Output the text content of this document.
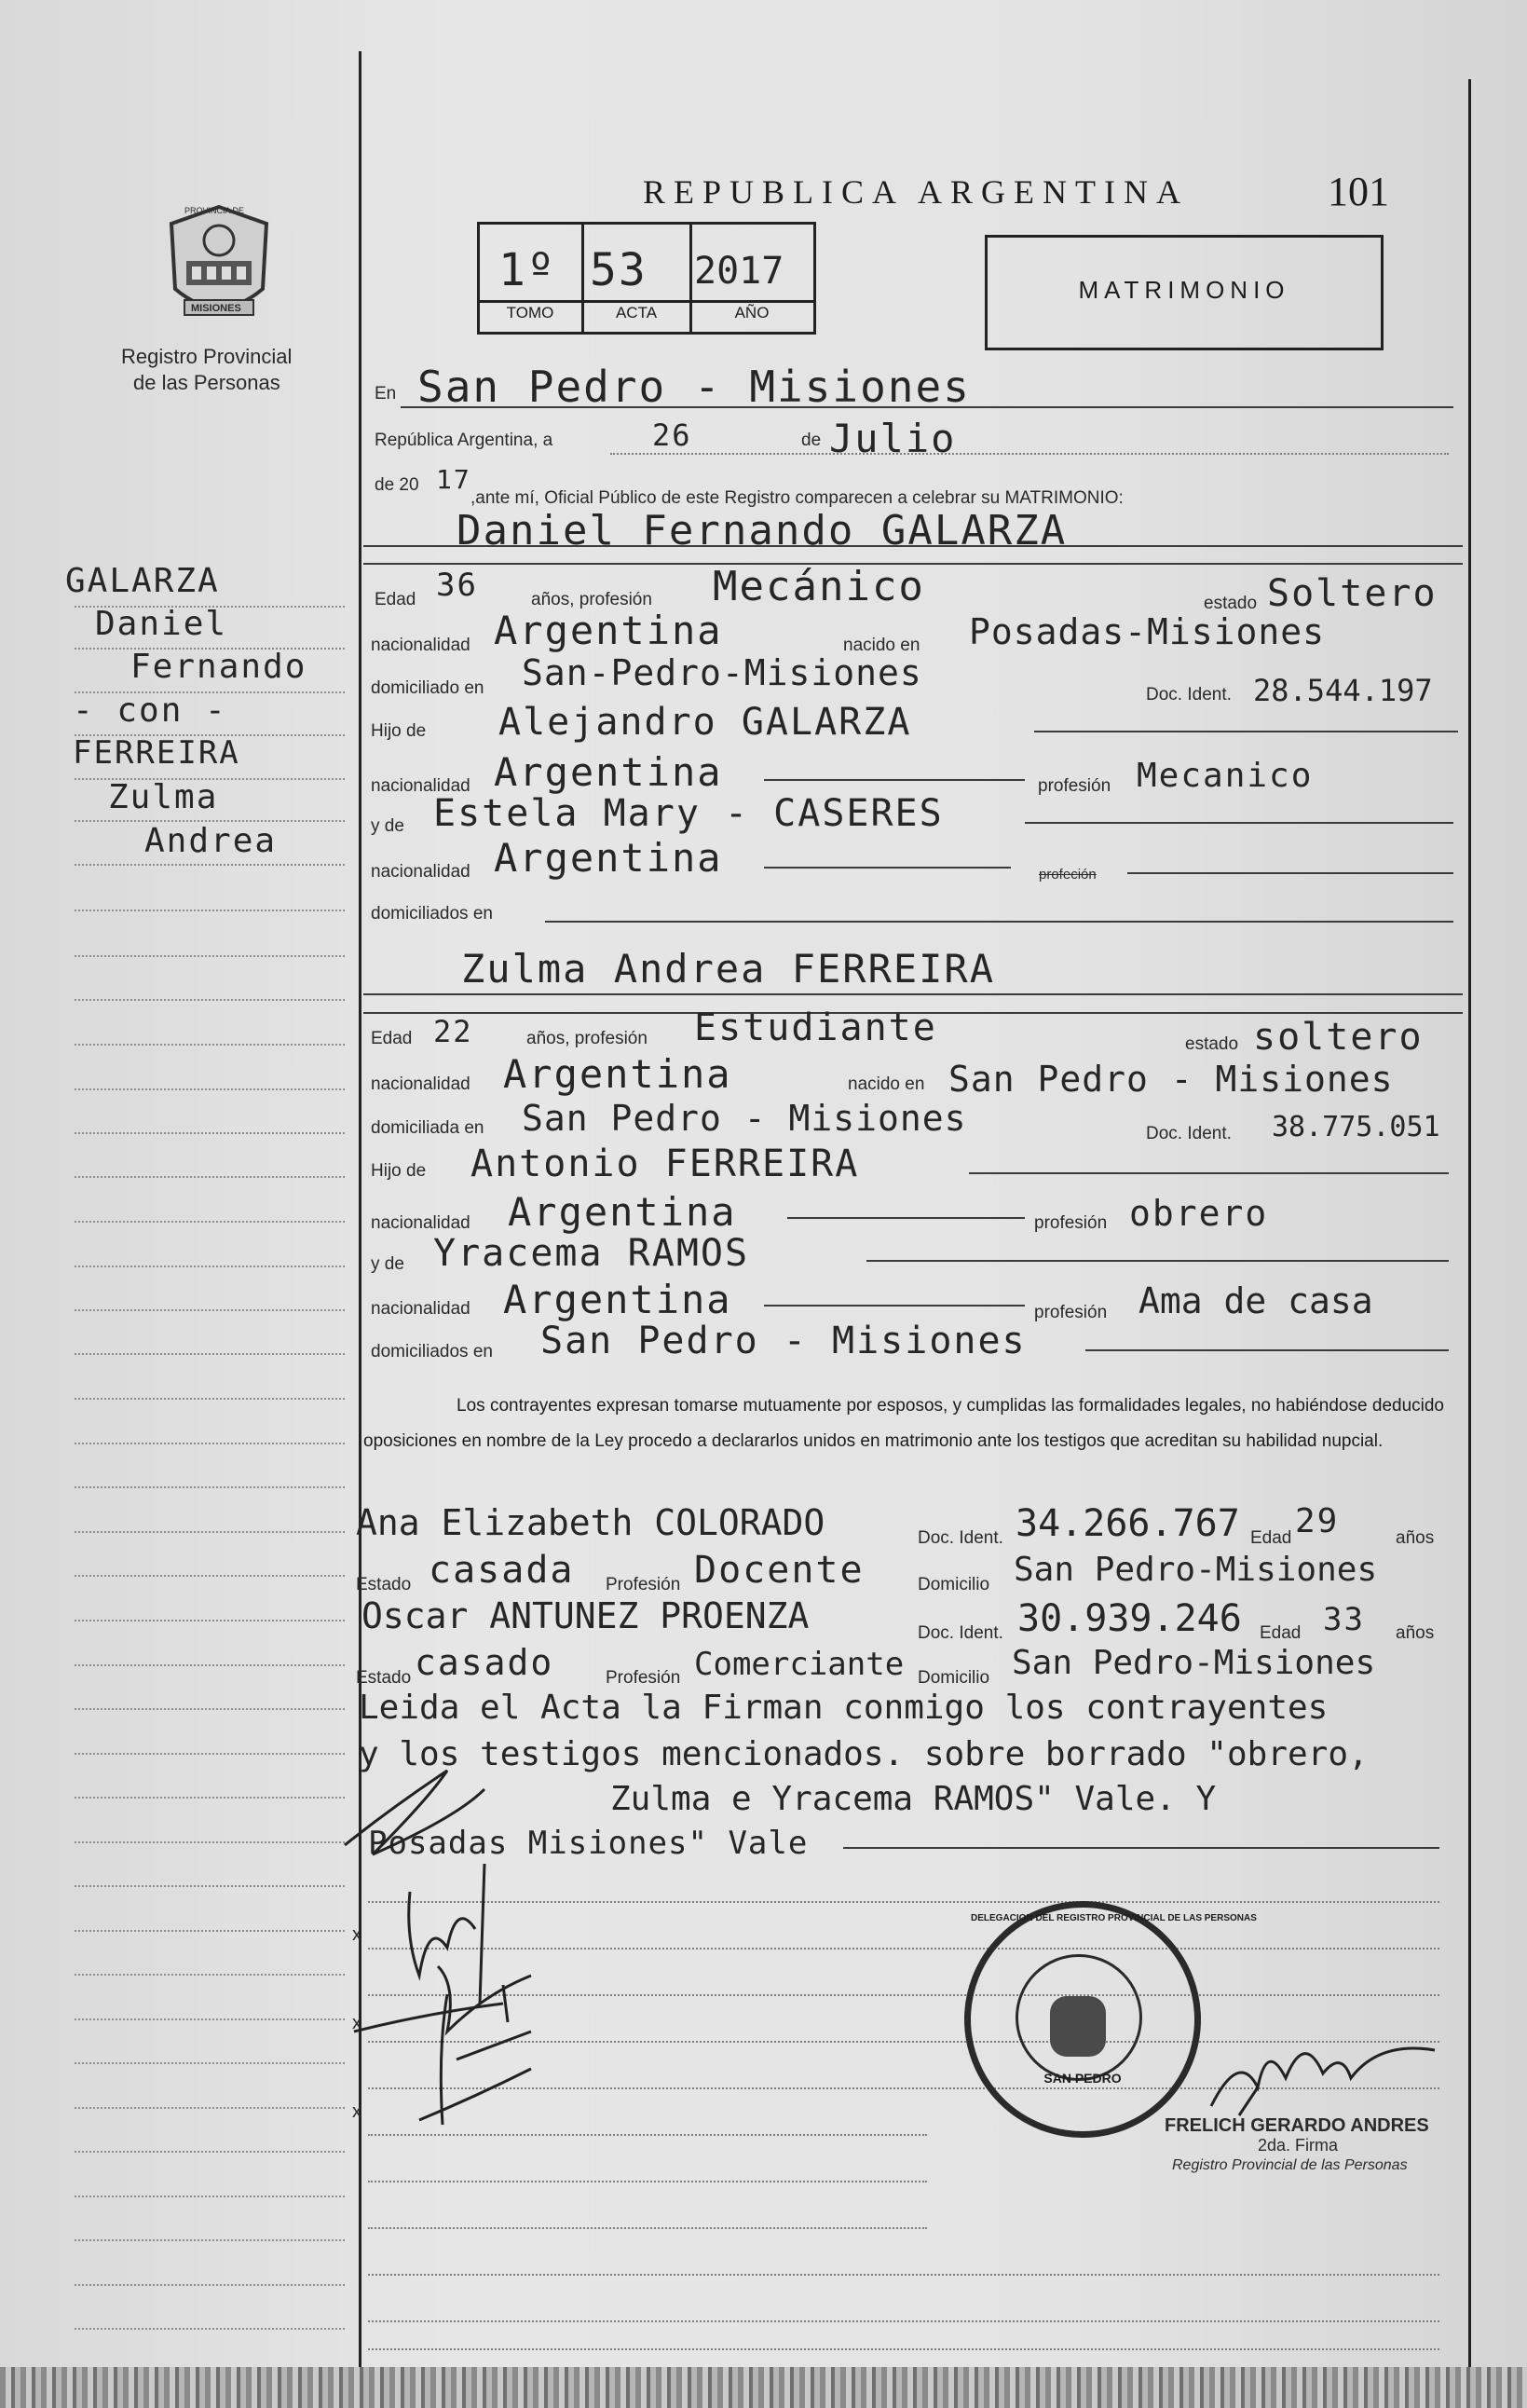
MISIONES
PROVINCIA DE
Registro Provincial
de las Personas
REPUBLICA ARGENTINA	101
1º 53 2017
TOMO	ACTA	AÑO
MATRIMONIO
En San Pedro - Misiones
República Argentina, a	26	de Julio
de 20 17
,ante mí, Oficial Público de este Registro comparecen a celebrar su MATRIMONIO:
Daniel Fernando GALARZA
Edad 36	años, profesión Mecánico	estado Soltero
nacionalidad Argentina	nacido en Posadas-Misiones
domiciliado en San-Pedro-Misiones
Doc. Ident. 28.544.197
Hijo de Alejandro GALARZA
nacionalidad Argentina	profesión Mecanico
y de Estela Mary - CASERES
nacionalidad Argentina	profeción
domiciliados en
Zulma Andrea FERREIRA
Edad 22	años, profesión Estudiante	estado soltero
nacionalidad Argentina	nacido en San Pedro - Misiones
domiciliada en San Pedro - Misiones	Doc. Ident. 38.775.051
Hijo de Antonio FERREIRA
nacionalidad Argentina	profesión obrero
y de Yracema RAMOS
nacionalidad Argentina	profesión Ama de casa
domiciliados en San Pedro - Misiones
Los contrayentes expresan tomarse mutuamente por esposos, y cumplidas las formalidades legales, no habiéndose deducido oposiciones en nombre de la Ley procedo a declararlos unidos en matrimonio ante los testigos que acreditan su habilidad nupcial.
Ana Elizabeth COLORADO	Doc. Ident. 34.266.767 Edad 29	años
Estado casada Profesión Docente	Domicilio San Pedro-Misiones
Oscar ANTUNEZ PROENZA	Doc. Ident. 30.939.246 Edad 33 años
Estado casado	Profesión Comerciante Domicilio San Pedro-Misiones
Leida el Acta la Firman conmigo los contrayentes
y los testigos mencionados. sobre borrado "obrero,
Zulma e Yracema RAMOS" Vale. Y
Posadas Misiones" Vale
x
x
x
DELEGACION DEL REGISTRO PROVINCIAL DE LAS PERSONAS
SAN PEDRO
FRELICH GERARDO ANDRES
2da. Firma
Registro Provincial de las Personas
GALARZA
Daniel
Fernando
- con -
FERREIRA
Zulma
Andrea
